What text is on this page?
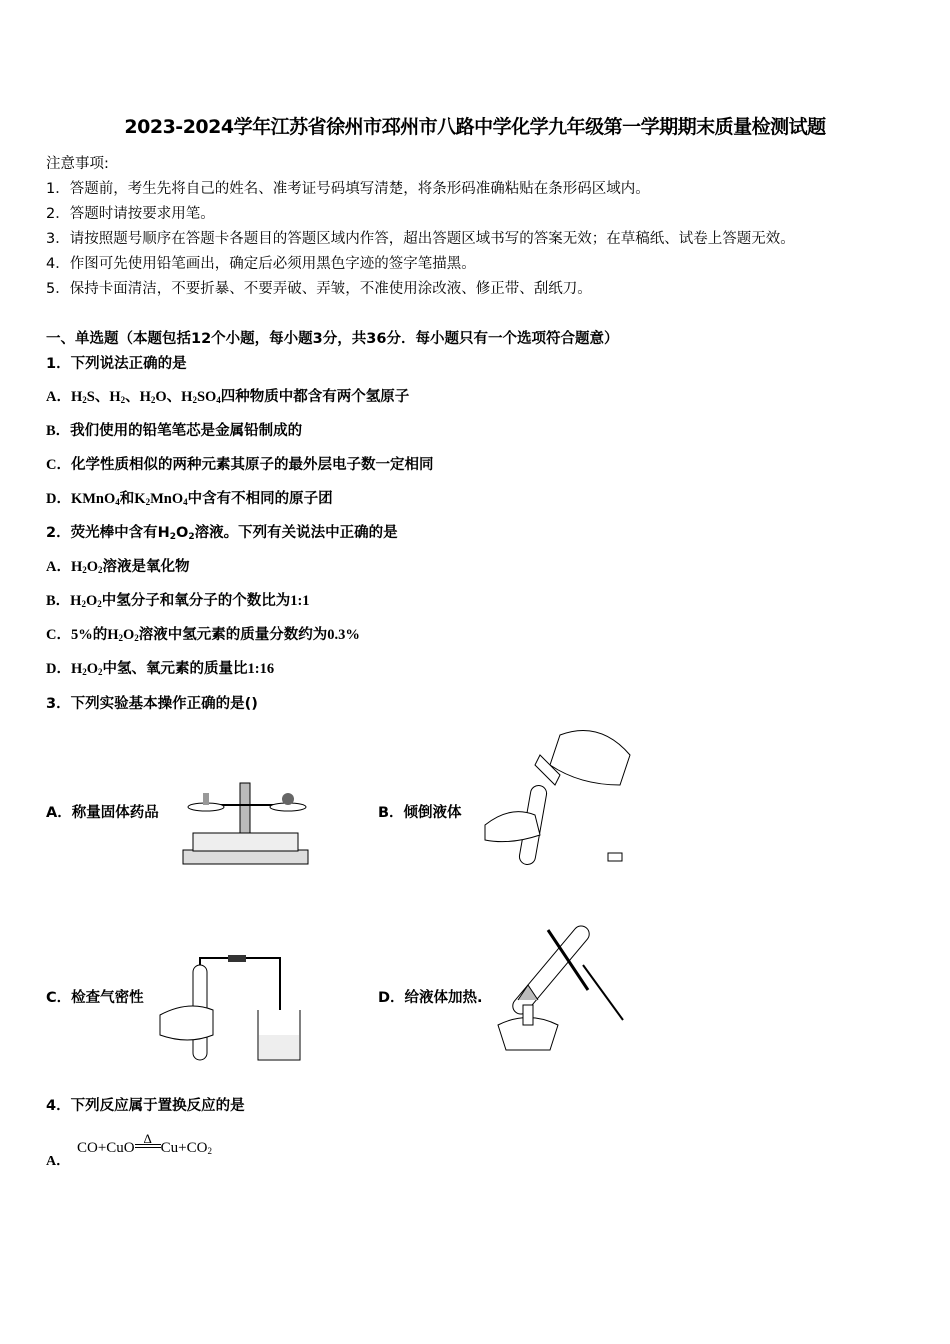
2023-2024学年江苏省徐州市邳州市八路中学化学九年级第一学期期末质量检测试题
注意事项:
1．答题前，考生先将自己的姓名、准考证号码填写清楚，将条形码准确粘贴在条形码区域内。
2．答题时请按要求用笔。
3．请按照题号顺序在答题卡各题目的答题区域内作答，超出答题区域书写的答案无效；在草稿纸、试卷上答题无效。
4．作图可先使用铅笔画出，确定后必须用黑色字迹的签字笔描黑。
5．保持卡面清洁，不要折暴、不要弄破、弄皱，不准使用涂改液、修正带、刮纸刀。
一、单选题（本题包括12个小题，每小题3分，共36分．每小题只有一个选项符合题意）
1．下列说法正确的是
A．$H_2S$、$H_2$、$H_2O$、$H_2SO_4$四种物质中都含有两个氢原子
B．我们使用的铅笔笔芯是金属铅制成的
C．化学性质相似的两种元素其原子的最外层电子数一定相同
D．KMnO$_4$和$K_2MnO_4$中含有不相同的原子团
2．荧光棒中含有$H_2O_2$溶液。下列有关说法中正确的是
A．$H_2O_2$溶液是氧化物
B．$H_2O_2$中氢分子和氧分子的个数比为1:1
C．5%的$H_2O_2$溶液中氢元素的质量分数约为0.3%
D．$H_2O_2$中氢、氧元素的质量比1:16
3．下列实验基本操作正确的是()
4．下列反应属于置换反应的是
A．称量固体药品	B．倾倒液体
C．检查气密性	D．给液体加热.
A．
CO+CuO
Δ
$Cu+CO_2$
